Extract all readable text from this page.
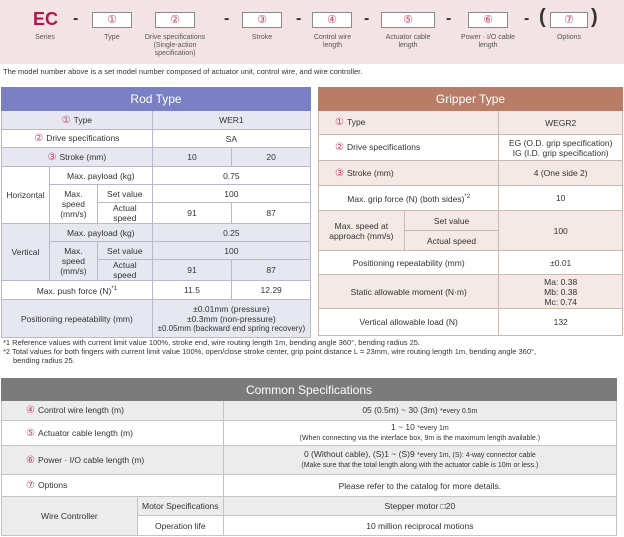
EC
Series
-	①
Type
②
Drive specifications (Single-action specification)
-	③
Stroke
-	④
Control wire length
-	⑤
Actuator cable length
-	⑥
Power · I/O cable length
- (	⑦ )
Options
The model number above is a set model number composed of actuator unit, control wire, and wire controller.
Rod Type				
① Type			WER1	
② Drive specifications			SA	
③ Stroke (mm)			10	20
Horizontal	Max. payload (kg)		0.75	
	Max. speed (mm/s)	Set value	100	
		Actual speed	91	87
Vertical	Max. payload (kg)		0.25	
	Max. speed (mm/s)	Set value	100	
		Actual speed	91	87
Max. push force $(N)^{*1}$			11.5	12.29
Positioning repeatability (mm)			±0.01mm (pressure)
±0.3mm (non-pressure)
±0.05mm (backward end spring recovery)	
Gripper Type		
① Type		WEGR2
② Drive specifications		EG (O.D. grip specification)
IG (I.D. grip specification)

③ Stroke (mm)		4 (One side 2)
Max. grip force (N) (both sides)$^{*2}$		10
Max. speed at approach (mm/s)	Set value	100
	Actual speed	
Positioning repeatability (mm)		±0.01
Static allowable moment (N·m)		Ma: 0.38
Mb: 0.38
Mc: 0.74

Vertical allowable load (N)		132
*1 Reference values with current limit value 100%, stroke end, wire routing length 1m, bending angle 360°, bending radius 25.
*2 Total values for both fingers with current limit value 100%, open/close stroke center, grip point distance L = 23mm, wire routing length 1m, bending angle 360°,
bending radius 25.
Common Specifications		
④ Control wire length (m)		05 (0.5m) ~ 30 (3m) *every 0.5m
⑤ Actuator cable length (m)		1 ~ 10 *every 1m
(When connecting via the interface box, 9m is the maximum length available.)

⑥ Power · I/O cable length (m)		0 (Without cable), (S)1 ~ (S)9 *every 1m, (S): 4-way connector cable
(Make sure that the total length along with the actuator cable is 10m or less.)

⑦ Options		Please refer to the catalog for more details.
Wire Controller	Motor Specifications	Stepper motor □20
	Operation life	10 million reciprocal motions
